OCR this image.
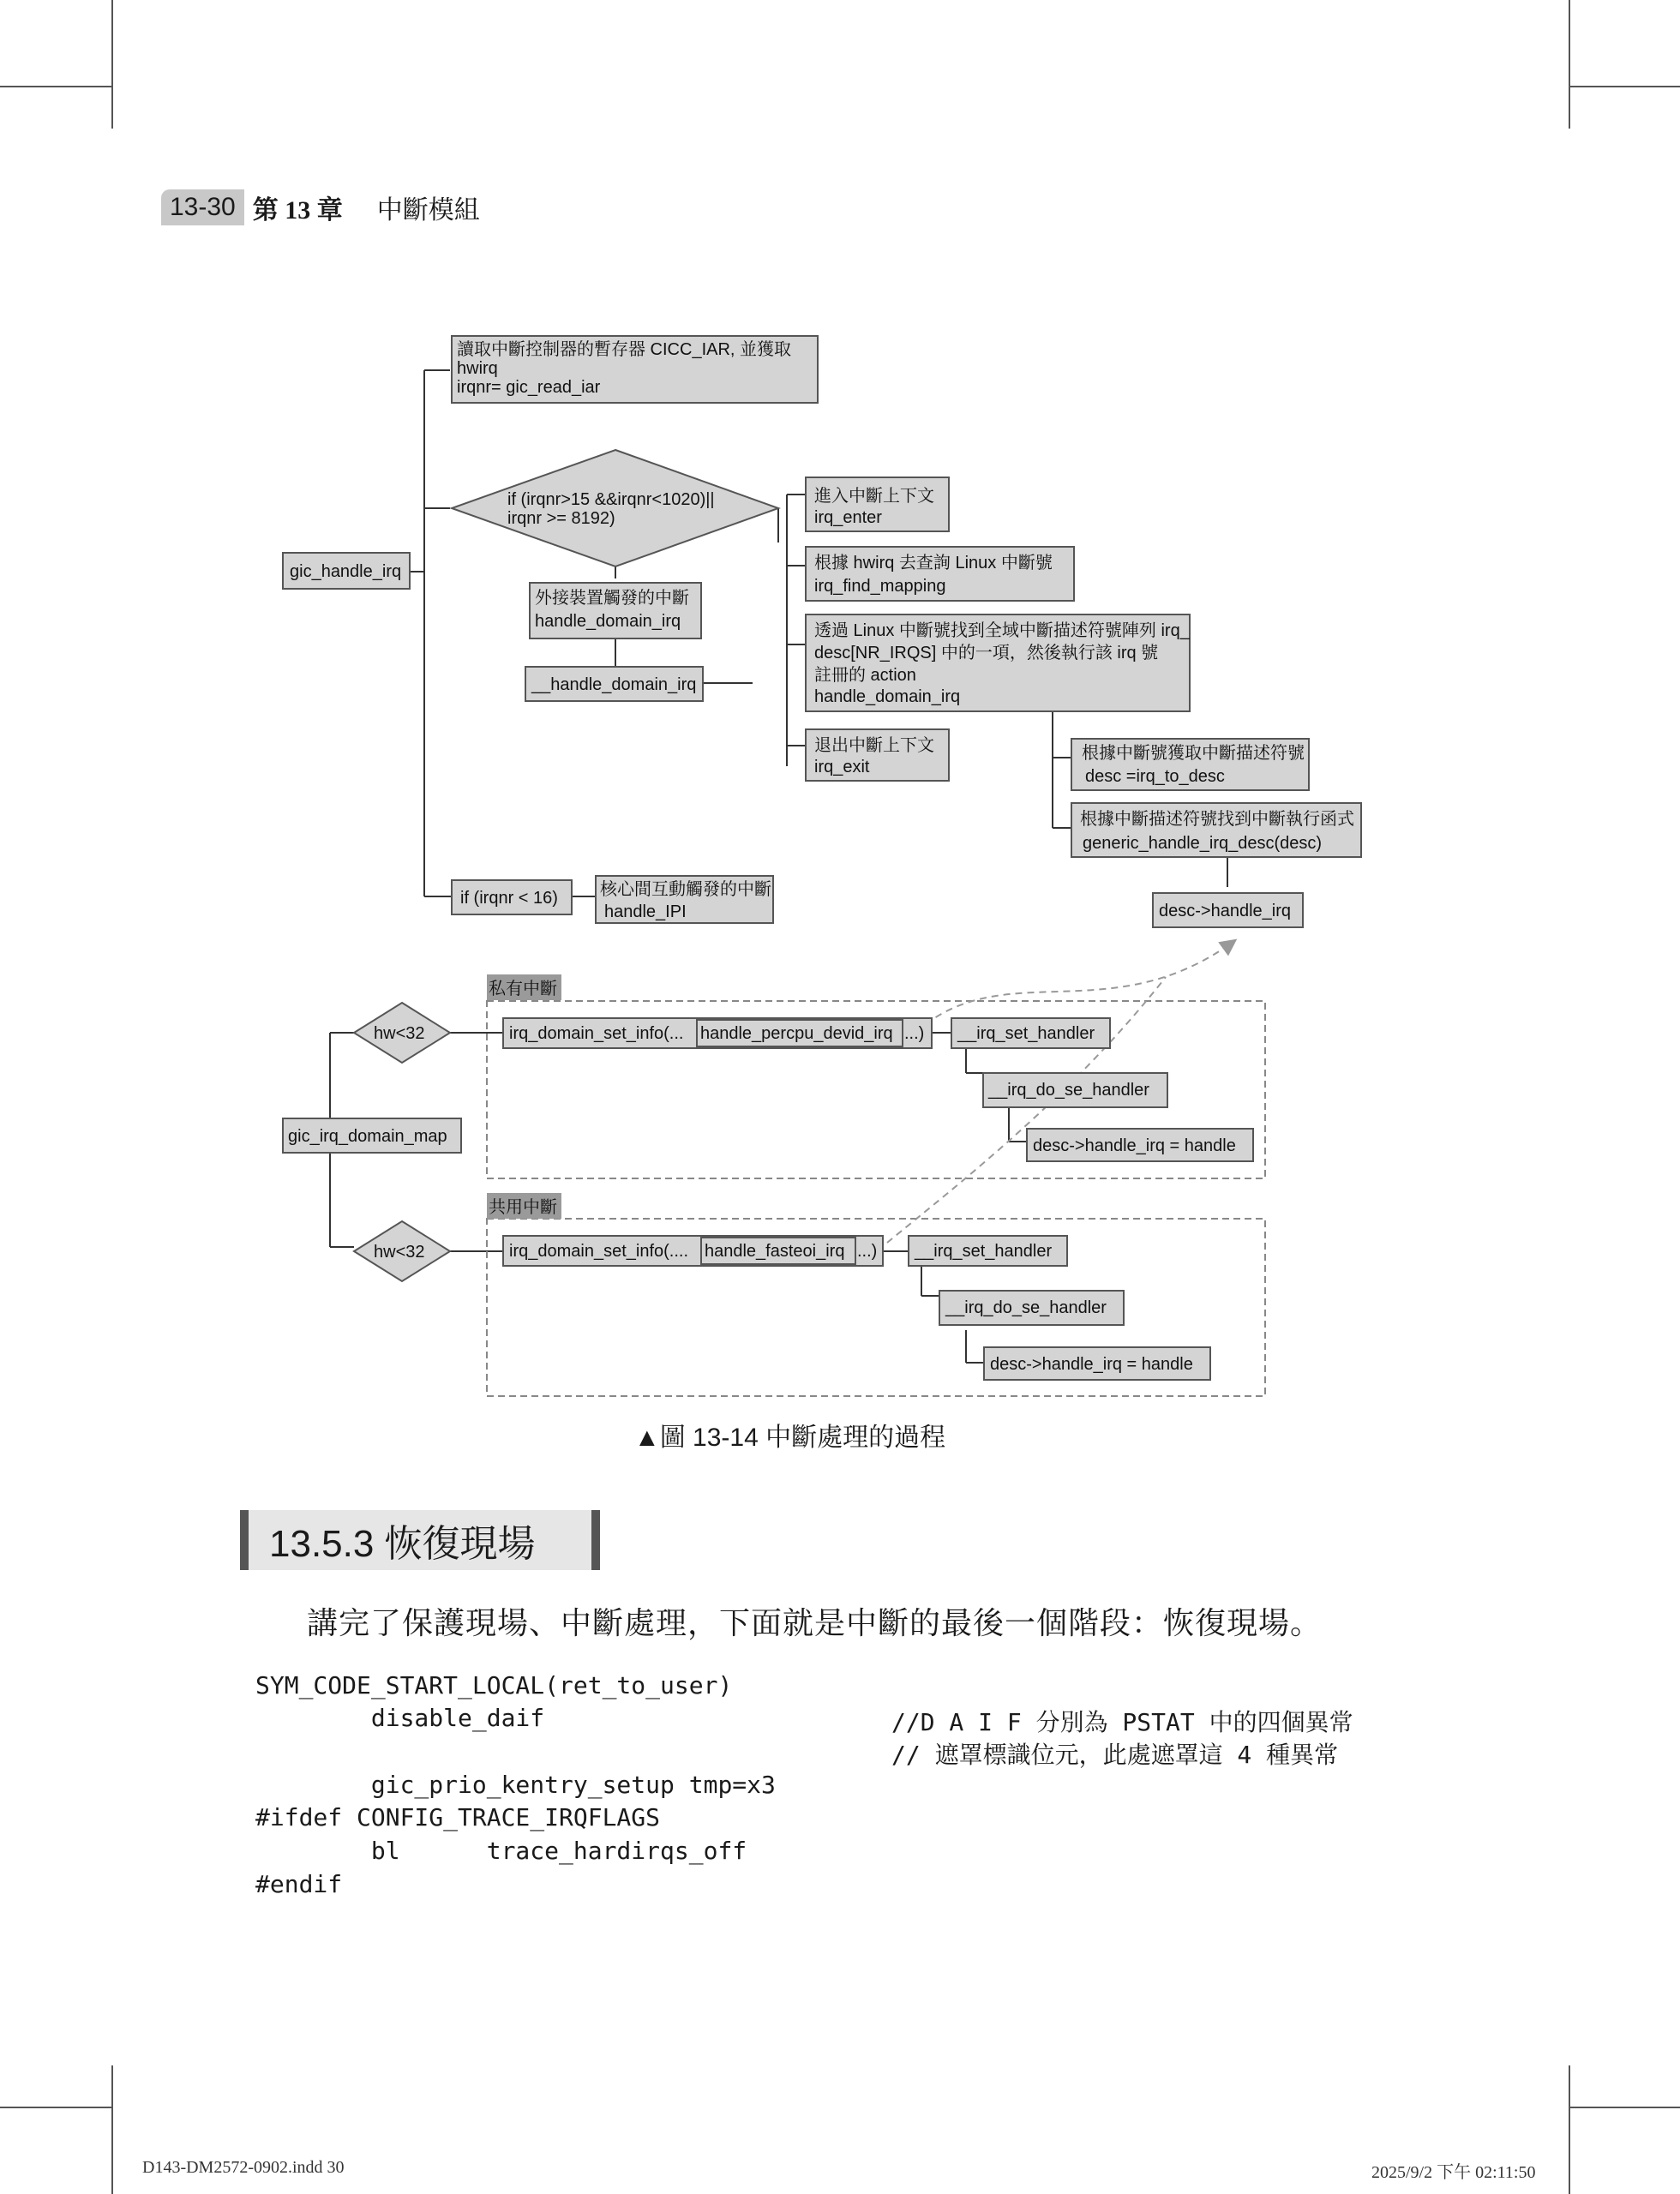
13-30 第 13 章 中斷模組
讀取中斷控制器的暫存器 CICC_IAR, 並獲取
hwirq
irqnr= gic_read_iar
gic_handle_irq
if (irqnr>15 &&irqnr<1020)||
irqnr >= 8192)
外接裝置觸發的中斷
handle_domain_irq
__handle_domain_irq
進入中斷上下文
irq_enter
根據 hwirq 去查詢 Linux 中斷號
irq_find_mapping
透過 Linux 中斷號找到全域中斷描述符號陣列 irq_
desc[NR_IRQS] 中的一項，然後執行該 irq 號
註冊的 action
handle_domain_irq
退出中斷上下文
irq_exit
根據中斷號獲取中斷描述符號
desc =irq_to_desc
根據中斷描述符號找到中斷執行函式
generic_handle_irq_desc(desc)
desc->handle_irq
if (irqnr < 16) 核心間互動觸發的中斷
handle_IPI
私有中斷
共用中斷
gic_irq_domain_map
hw<32
hw<32
irq_domain_set_info(... handle_percpu_devid_irq ...)
irq_domain_set_info(.... handle_fasteoi_irq ...)
__irq_set_handler
__irq_do_se_handler
desc->handle_irq = handle
__irq_set_handler
__irq_do_se_handler
desc->handle_irq = handle
▲圖 13-14 中斷處理的過程
13.5.3 恢復現場
講完了保護現場、中斷處理，下面就是中斷的最後一個階段：恢復現場。
SYM_CODE_START_LOCAL(ret_to_user)
disable_daif
gic_prio_kentry_setup tmp=x3
#ifdef CONFIG_TRACE_IRQFLAGS
bl      trace_hardirqs_off
#endif
//D A I F 分別為 PSTAT 中的四個異常
// 遮罩標識位元，此處遮罩這 4 種異常
D143-DM2572-0902.indd 30	2025/9/2 下午 02:11:50
